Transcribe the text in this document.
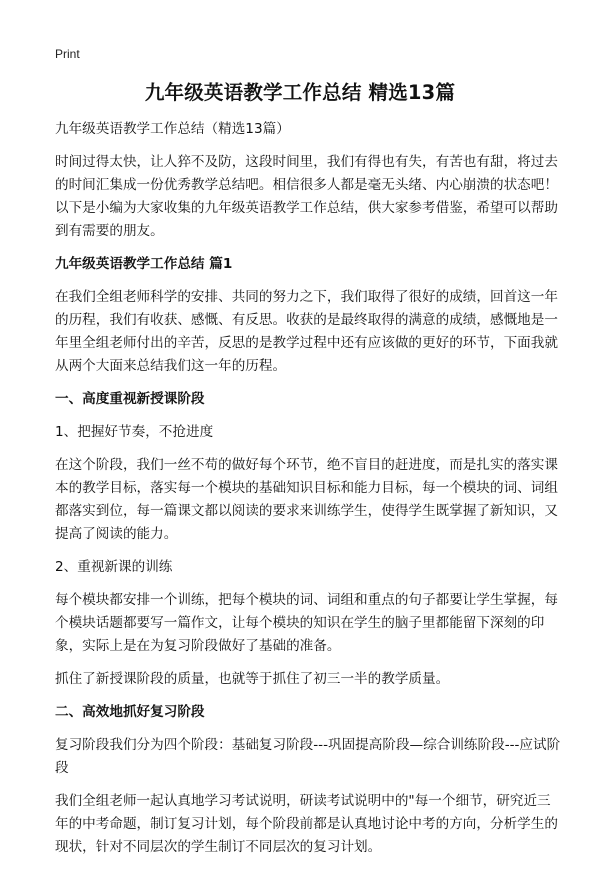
Print
九年级英语教学工作总结 精选13篇

九年级英语教学工作总结（精选13篇）

时间过得太快，让人猝不及防，这段时间里，我们有得也有失，有苦也有甜，将过去的时间汇集成一份优秀教学总结吧。相信很多人都是毫无头绪、内心崩溃的状态吧！以下是小编为大家收集的九年级英语教学工作总结，供大家参考借鉴，希望可以帮助到有需要的朋友。

九年级英语教学工作总结 篇1

在我们全组老师科学的安排、共同的努力之下，我们取得了很好的成绩，回首这一年的历程，我们有收获、感慨、有反思。收获的是最终取得的满意的成绩，感慨地是一年里全组老师付出的辛苦，反思的是教学过程中还有应该做的更好的环节，下面我就从两个大面来总结我们这一年的历程。

一、高度重视新授课阶段

1、把握好节奏，不抢进度

在这个阶段，我们一丝不苟的做好每个环节，绝不盲目的赶进度，而是扎实的落实课本的教学目标，落实每一个模块的基础知识目标和能力目标，每一个模块的词、词组都落实到位，每一篇课文都以阅读的要求来训练学生，使得学生既掌握了新知识，又提高了阅读的能力。

2、重视新课的训练

每个模块都安排一个训练，把每个模块的词、词组和重点的句子都要让学生掌握，每个模块话题都要写一篇作文，让每个模块的知识在学生的脑子里都能留下深刻的印象，实际上是在为复习阶段做好了基础的准备。

抓住了新授课阶段的质量，也就等于抓住了初三一半的教学质量。

二、高效地抓好复习阶段

复习阶段我们分为四个阶段：基础复习阶段---巩固提高阶段—综合训练阶段---应试阶段

我们全组老师一起认真地学习考试说明，研读考试说明中的"每一个细节，研究近三年的中考命题，制订复习计划，每个阶段前都是认真地讨论中考的方向，分析学生的现状，针对不同层次的学生制订不同层次的复习计划。
